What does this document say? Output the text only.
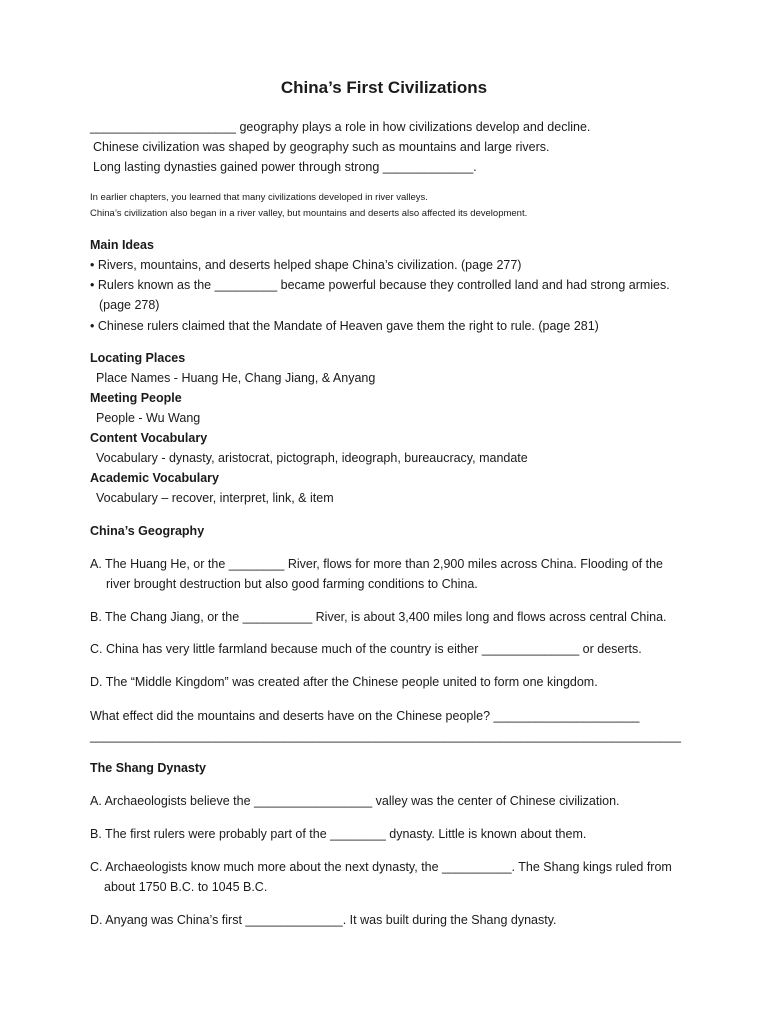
China’s First Civilizations
_____________________ geography plays a role in how civilizations develop and decline.
Chinese civilization was shaped by geography such as mountains and large rivers.
Long lasting dynasties gained power through strong _____________.
In earlier chapters, you learned that many civilizations developed in river valleys.
China’s civilization also began in a river valley, but mountains and deserts also affected its development.
Main Ideas
• Rivers, mountains, and deserts helped shape China’s civilization. (page 277)
• Rulers known as the _________ became powerful because they controlled land and had strong armies.
(page 278)
• Chinese rulers claimed that the Mandate of Heaven gave them the right to rule. (page 281)
Locating Places
Place Names - Huang He, Chang Jiang, & Anyang
Meeting People
People - Wu Wang
Content Vocabulary
Vocabulary - dynasty, aristocrat, pictograph, ideograph, bureaucracy, mandate
Academic Vocabulary
Vocabulary – recover, interpret, link, & item
China’s Geography
A. The Huang He, or the ________ River, flows for more than 2,900 miles across China. Flooding of the
river brought destruction but also good farming conditions to China.
B. The Chang Jiang, or the __________ River, is about 3,400 miles long and flows across central China.
C. China has very little farmland because much of the country is either ______________ or deserts.
D. The “Middle Kingdom” was created after the Chinese people united to form one kingdom.
What effect did the mountains and deserts have on the Chinese people? _____________________
_____________________________________________________________________________________
The Shang Dynasty
A. Archaeologists believe the _________________ valley was the center of Chinese civilization.
B. The first rulers were probably part of the ________ dynasty. Little is known about them.
C. Archaeologists know much more about the next dynasty, the __________. The Shang kings ruled from
about 1750 B.C. to 1045 B.C.
D. Anyang was China’s first ______________. It was built during the Shang dynasty.
